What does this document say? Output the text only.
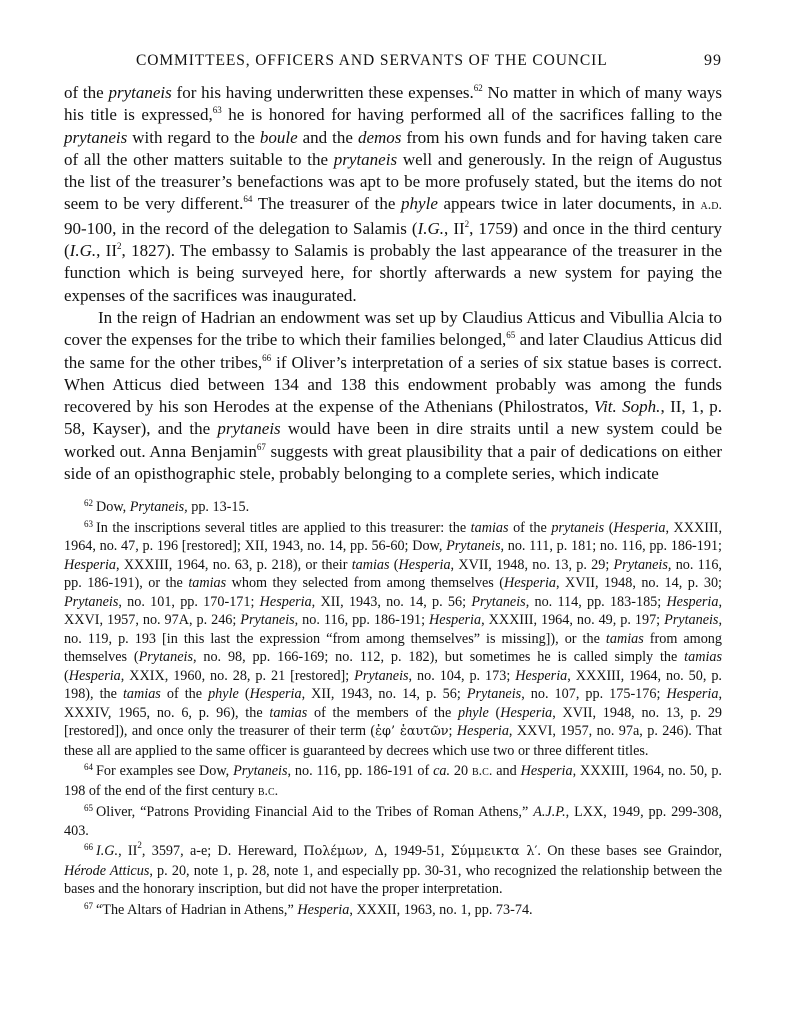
COMMITTEES, OFFICERS AND SERVANTS OF THE COUNCIL	99

of the prytaneis for his having underwritten these expenses.$^{62}$ No matter in which of many ways his title is expressed,$^{63}$ he is honored for having performed all of the sacrifices falling to the prytaneis with regard to the boule and the demos from his own funds and for having taken care of all the other matters suitable to the prytaneis well and generously. In the reign of Augustus the list of the treasurer’s benefactions was apt to be more profusely stated, but the items do not seem to be very different.$^{64}$ The treasurer of the phyle appears twice in later documents, in a.d. 90-100, in the record of the delegation to Salamis (I.G., $II^2$, 1759) and once in the third century (I.G., $II^2$, 1827). The embassy to Salamis is probably the last appearance of the treasurer in the function which is being surveyed here, for shortly afterwards a new system for paying the expenses of the sacrifices was inaugurated.

In the reign of Hadrian an endowment was set up by Claudius Atticus and Vibullia Alcia to cover the expenses for the tribe to which their families belonged,$^{65}$ and later Claudius Atticus did the same for the other tribes,$^{66}$ if Oliver’s interpretation of a series of six statue bases is correct. When Atticus died between 134 and 138 this endowment probably was among the funds recovered by his son Herodes at the expense of the Athenians (Philostratos, Vit. Soph., II, 1, p. 58, Kayser), and the prytaneis would have been in dire straits until a new system could be worked out. Anna Benjamin$^{67}$ suggests with great plausibility that a pair of dedications on either side of an opisthographic stele, probably belonging to a complete series, which indicate

$^{62}$ Dow, Prytaneis, pp. 13-15.

$^{63}$ In the inscriptions several titles are applied to this treasurer: the tamias of the prytaneis (Hesperia, XXXIII, 1964, no. 47, p. 196 [restored]; XII, 1943, no. 14, pp. 56-60; Dow, Prytaneis, no. 111, p. 181; no. 116, pp. 186-191; Hesperia, XXXIII, 1964, no. 63, p. 218), or their tamias (Hesperia, XVII, 1948, no. 13, p. 29; Prytaneis, no. 116, pp. 186-191), or the tamias whom they selected from among themselves (Hesperia, XVII, 1948, no. 14, p. 30; Prytaneis, no. 101, pp. 170-171; Hesperia, XII, 1943, no. 14, p. 56; Prytaneis, no. 114, pp. 183-185; Hesperia, XXVI, 1957, no. 97A, p. 246; Prytaneis, no. 116, pp. 186-191; Hesperia, XXXIII, 1964, no. 49, p. 197; Prytaneis, no. 119, p. 193 [in this last the expression “from among themselves” is missing]), or the tamias from among themselves (Prytaneis, no. 98, pp. 166-169; no. 112, p. 182), but sometimes he is called simply the tamias (Hesperia, XXIX, 1960, no. 28, p. 21 [restored]; Prytaneis, no. 104, p. 173; Hesperia, XXXIII, 1964, no. 50, p. 198), the tamias of the phyle (Hesperia, XII, 1943, no. 14, p. 56; Prytaneis, no. 107, pp. 175-176; Hesperia, XXXIV, 1965, no. 6, p. 96), the tamias of the members of the phyle (Hesperia, XVII, 1948, no. 13, p. 29 [restored]), and once only the treasurer of their term (ἐφ’ ἑαυτῶν; Hesperia, XXVI, 1957, no. 97a, p. 246). That these all are applied to the same officer is guaranteed by decrees which use two or three different titles.

$^{64}$ For examples see Dow, Prytaneis, no. 116, pp. 186-191 of ca. 20 b.c. and Hesperia, XXXIII, 1964, no. 50, p. 198 of the end of the first century b.c.

$^{65}$ Oliver, “Patrons Providing Financial Aid to the Tribes of Roman Athens,” A.J.P., LXX, 1949, pp. 299-308, 403.

$^{66}$ I.G., $II^2$, 3597, a-e; D. Hereward, Πολέμων, Δ, 1949-51, Σύμμεικτα λ′. On these bases see Graindor, Hérode Atticus, p. 20, note 1, p. 28, note 1, and especially pp. 30-31, who recognized the relationship between the bases and the honorary inscription, but did not have the proper interpretation.

$^{67}$ “The Altars of Hadrian in Athens,” Hesperia, XXXII, 1963, no. 1, pp. 73-74.
